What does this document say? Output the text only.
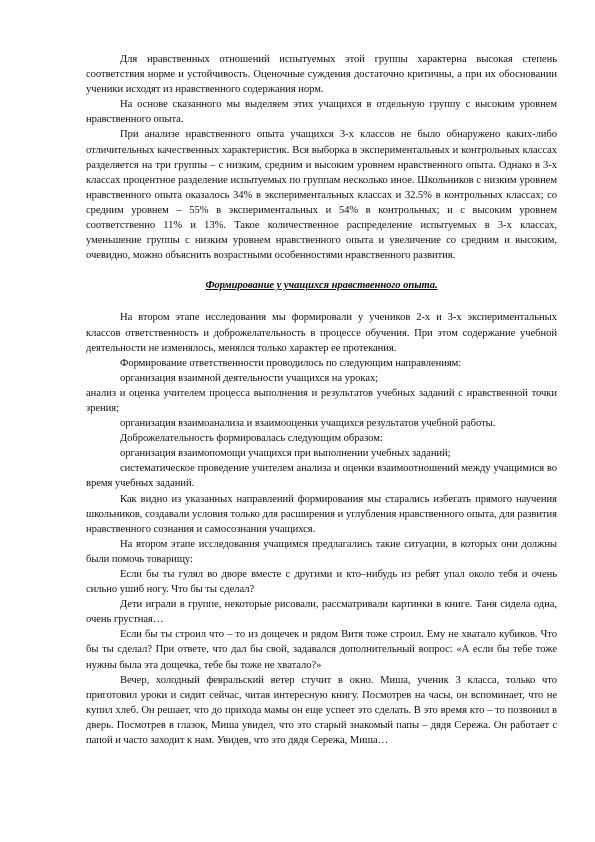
Для нравственных отношений испытуемых этой группы характерна высокая степень соответствия норме и устойчивость. Оценочные суждения достаточно критичны, а при их обосновании ученики исходят из нравственного содержания норм.

На основе сказанного мы выделяем этих учащихся в отдельную группу с высоким уровнем нравственного опыта.

При анализе нравственного опыта учащихся 3-х классов не было обнаружено каких-либо отличительных качественных характеристик. Вся выборка в экспериментальных и контрольных классах разделяется на три группы – с низким, средним и высоким уровнем нравственного опыта. Однако в 3-х классах процентное разделение испытуемых по группам несколько иное. Школьников с низким уровнем нравственного опыта оказалось 34% в экспериментальных классах и 32.5% в контрольных классах; со средним уровнем – 55% в экспериментальных и 54% в контрольных; и с высоким уровнем соответственно 11% и 13%. Такое количественное распределение испытуемых в 3-х классах, уменьшение группы с низким уровнем нравственного опыта и увеличение со средним и высоким, очевидно, можно объяснить возрастными особенностями нравственного развития.

Формирование у учащихся нравственного опыта.

На втором этапе исследования мы формировали у учеников 2-х и 3-х экспериментальных классов ответственность и доброжелательность в процессе обучения. При этом содержание учебной деятельности не изменялось, менялся только характер ее протекания.

Формирование ответственности проводилось по следующим направлениям:

организация взаимной деятельности учащихся на уроках;

анализ и оценка учителем процесса выполнения и результатов учебных заданий с нравственной точки зрения;

организация взаимоанализа и взаимооценки учащихся результатов учебной работы.

Доброжелательность формировалась следующим образом:

организация взаимопомощи учащихся при выполнении учебных заданий;

систематическое проведение учителем анализа и оценки взаимоотношений между учащимися во время учебных заданий.

Как видно из указанных направлений формирования мы старались избегать прямого научения школьников, создавали условия только для расширения и углубления нравственного опыта, для развития нравственного сознания и самосознания учащихся.

На втором этапе исследования учащимся предлагались такие ситуации, в которых они должны были помочь товарищу:

Если бы ты гулял во дворе вместе с другими и кто–нибудь из ребят упал около тебя и очень сильно ушиб ногу. Что бы ты сделал?

Дети играли в группе, некоторые рисовали, рассматривали картинки в книге. Таня сидела одна, очень грустная…

Если бы ты строил что – то из дощечек и рядом Витя тоже строил. Ему не хватало кубиков. Что бы ты сделал? При ответе, что дал бы свой, задавался дополнительный вопрос: «А если бы тебе тоже нужны была эта дощечка, тебе бы тоже не хватало?»

Вечер, холодный февральский ветер стучит в окно. Миша, ученик 3 класса, только что приготовил уроки и сидит сейчас, читая интересную книгу. Посмотрев на часы, он вспоминает, что не купил хлеб. Он решает, что до прихода мамы он еще успеет это сделать. В это время кто – то позвонил в дверь. Посмотрев в глазок, Миша увидел, что это старый знакомый папы – дядя Сережа. Он работает с папой и часто заходит к нам. Увидев, что это дядя Сережа, Миша…
